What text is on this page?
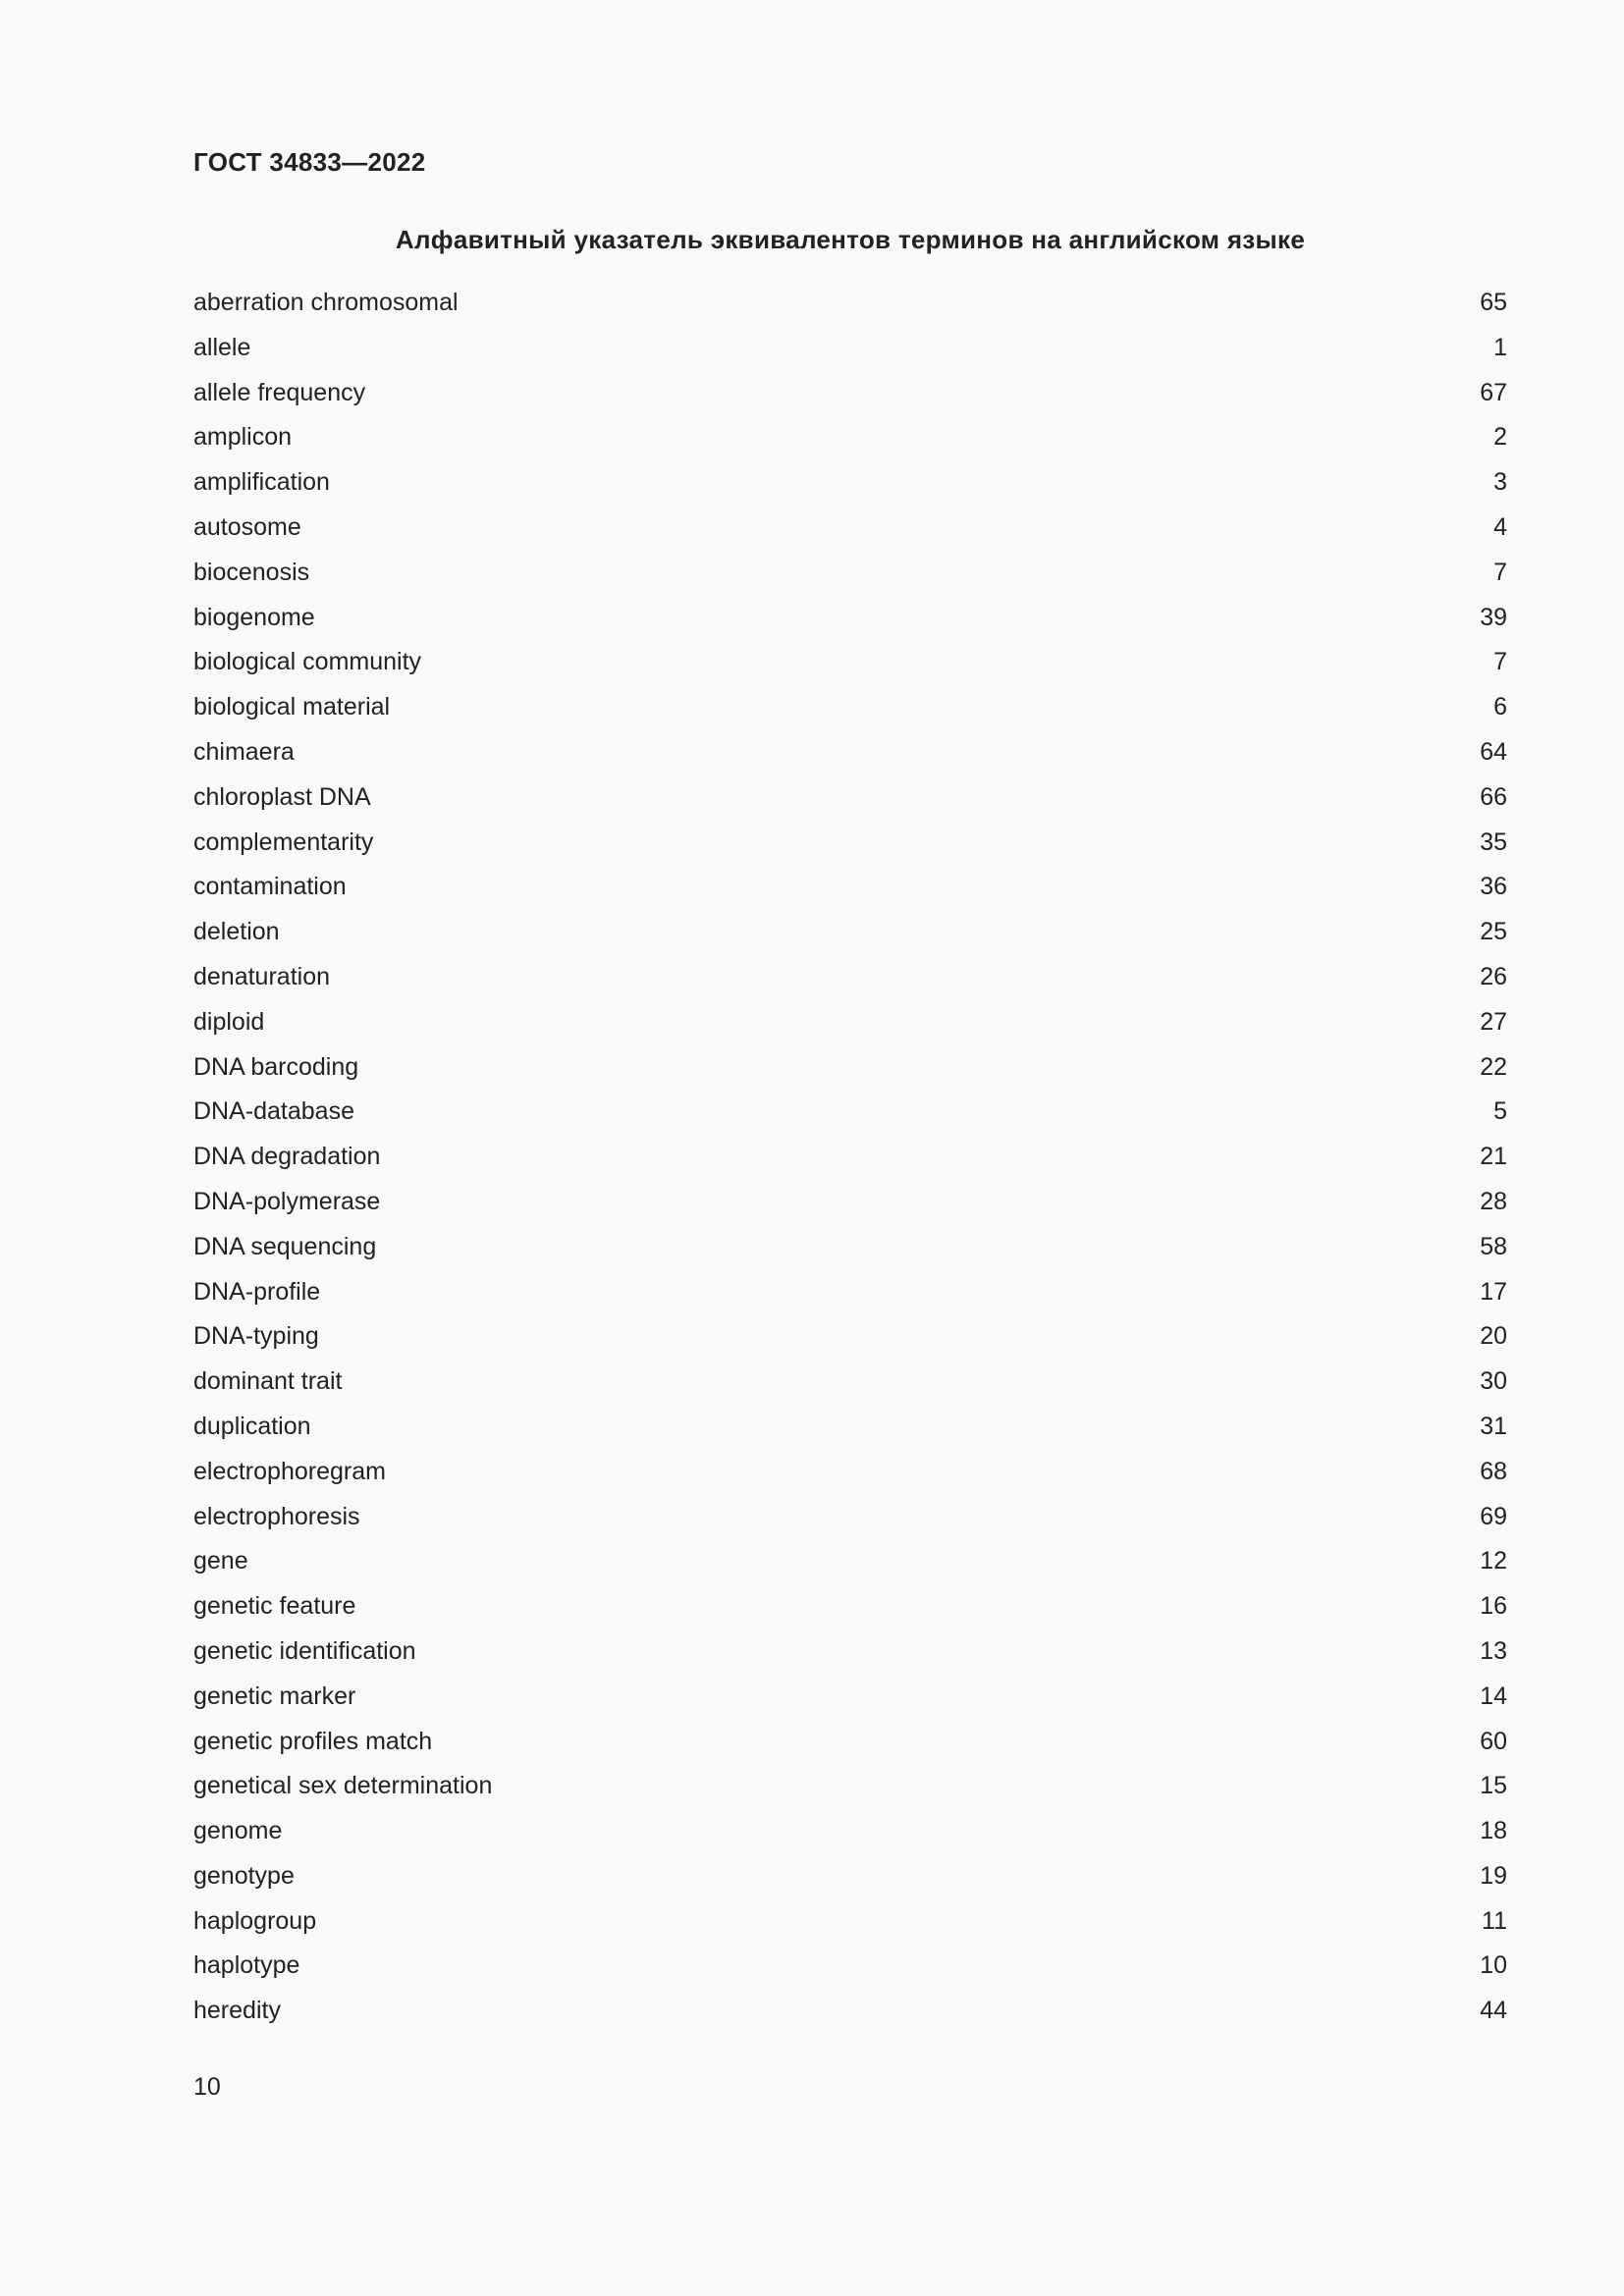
ГОСТ 34833—2022
Алфавитный указатель эквивалентов терминов на английском языке
aberration chromosomal	65
allele	1
allele frequency	67
amplicon	2
amplification	3
autosome	4
biocenosis	7
biogenome	39
biological community	7
biological material	6
chimaera	64
chloroplast DNA	66
complementarity	35
contamination	36
deletion	25
denaturation	26
diploid	27
DNA barcoding	22
DNA-database	5
DNA degradation	21
DNA-polymerase	28
DNA sequencing	58
DNA-profile	17
DNA-typing	20
dominant trait	30
duplication	31
electrophoregram	68
electrophoresis	69
gene	12
genetic feature	16
genetic identification	13
genetic marker	14
genetic profiles match	60
genetical sex determination	15
genome	18
genotype	19
haplogroup	11
haplotype	10
heredity	44
10
